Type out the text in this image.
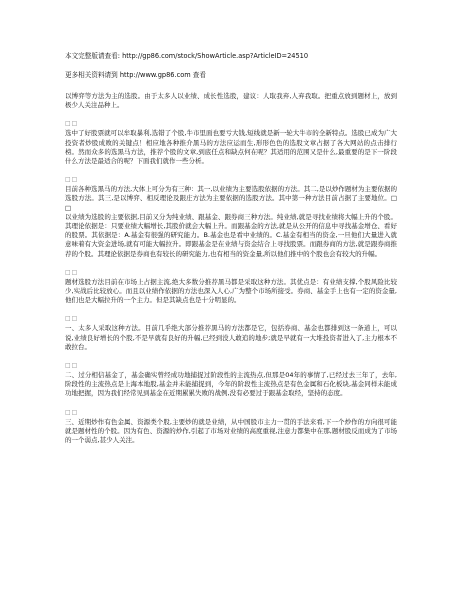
本文完整版请查看: http://gp86.com/stock/ShowArticle.asp?ArticleID=24510
更多相关资料请到 http://www.gp86.com 查看

以博弈等方法为主的选股。由于太多人以业绩、成长性选股，建议：人取我弃,人弃我取。把重点放到题材上，放到极少人关注品种上。

□□

选中了好股票就可以牟取暴利,选错了个股,牛市里面也要亏大钱,短线就是新一轮大牛市的全新特点。选股已成为广大投资者炒股成败的关键点！相应地各种推介黑马的方法应运而生,形形色色的选股文章占据了各大网站的点击排行榜。然而众多的选黑马方法，推荐个股的文章,到底任点和缺点何在呢？其适用的范围又是什么,最重要的是下一阶段什么方法是最适合的呢？下面我们就作一些分析。

□□

目前各种选黑马的方法,大体上可分为有三种：其一,以业绩为主要选股依据的方法。其二,是以炒作题材为主要依据的选股方法。其三,是以博弈、相反理论及跟庄方法为主要依据的选股方法。其中第一种方法目前占据了主要地位。□□
以业绩为选股的主要依据,目前又分为纯业绩、跟基金、跟券商三种方法。纯业绩,就是寻找业绩将大幅上升的个股。其理论依据是：只要业绩大幅增长,其股价就会大幅上升。而跟基金的方法,就是从公开的信息中寻找基金增仓、看好的股票。其依据是：A.基金有很强的研究能力。B.基金也是看中业绩的。C.基金有相当的资金,一旦他们大量进入就意味着有大资金进场,就有可能大幅拉升。即跟基金是在业绩与资金结合上寻找股票。而跟券商的方法,就是跟券商推荐的个股。其理论依据是券商也有较长的研究能力,也有相当的资金量,所以他们推中的个股也会有较大的升幅。

□□

题材选股方法目前在市场上占据主流,绝大多数分推荐黑马都是采取这种方法。其优点是：有业绩支撑,个股风险比较少,实战后比较放心。而且以业绩作依据的方法也深入人心,广为整个市场所接受。券商、基金手上也有一定的资金量,他们也是大幅拉升的一个主力。但是其缺点也是十分明显的。

□□

一、太多人采取这种方法。目前几乎绝大部分推荐黑马的方法都是它，包括券商、基金也都排到这一条道上，可以说,业绩良好增长的个股,不是早就有良好的升幅,已经到没人敢追的地步;就是早就有一大堆投资者进入了,主力根本不敢拉台。

□□

二、过分相信基金了，基金确实曾经成功地捕捉过阶段性的主流热点,但那是04年的事情了,已经过去三年了，去年,阶段性的主流热点是上海本地股,基金并未能捕捉到，今年的阶段性主流热点是有色金属和石化板块,基金同样未能成功地把握，因为我们经常见到基金在近期累累失败的战例,没有必要过于跟基金取经，坚持的态度。

□□

三、近期炒作有色金属、资源类个股,主要炒的就是业绩，从中国股市主力一贯的手法来看,下一个炒作的方向很可能就是题材性的个股。因为有色、资源的炒作,引起了市场对业绩的高度重视,注意力都集中在那,题材股反而成为了市场的一个弱点,甚少人关注。
